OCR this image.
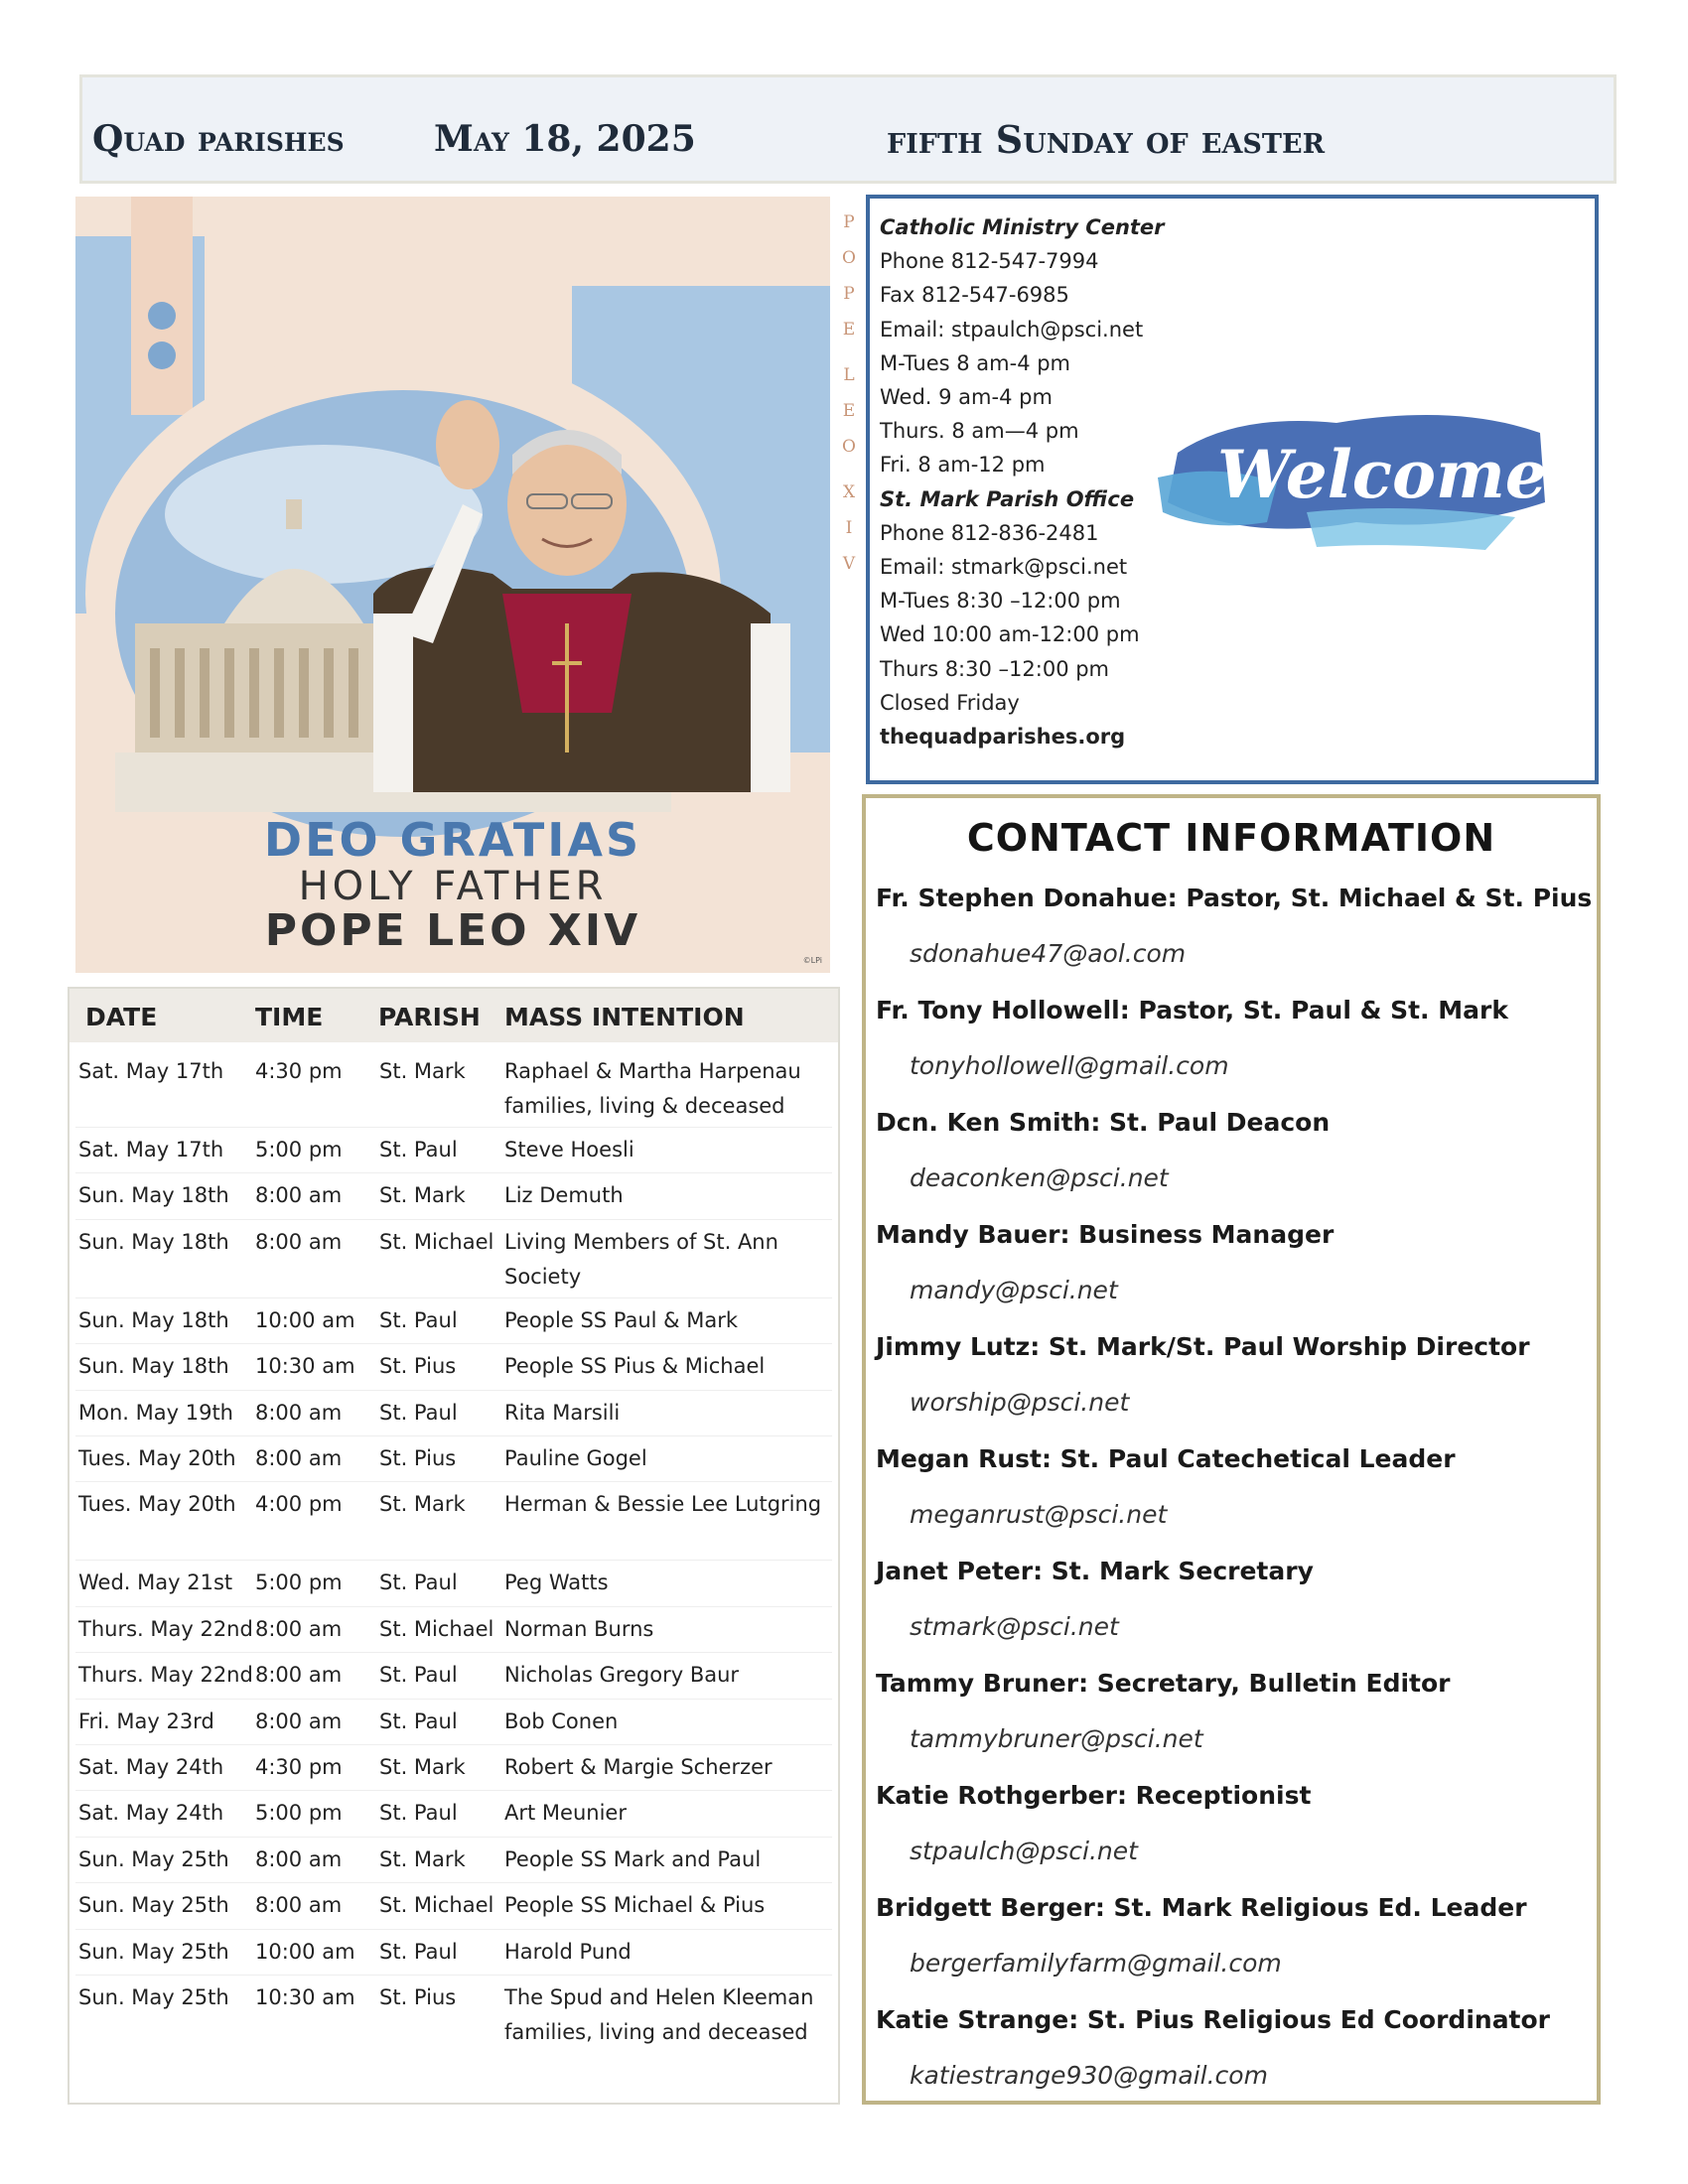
Quad parishes	May 18, 2025	fifth Sunday of easter
P
O
P
E
L
E
O
X
I
V
DEO GRATIAS
HOLY FATHER
POPE LEO XIV
©LPi
DATE	TIME PARISH MASS INTENTION
Sat. May 17th 4:30 pm St. Mark Raphael & Martha Harpenau families, living & deceased
Sat. May 17th 5:00 pm St. Paul Steve Hoesli
Sun. May 18th 8:00 am St. Mark Liz Demuth
Sun. May 18th 8:00 am St. Michael Living Members of St. Ann Society
Sun. May 18th 10:00 am St. Paul People SS Paul & Mark
Sun. May 18th 10:30 am St. Pius People SS Pius & Michael
Mon. May 19th 8:00 am St. Paul Rita Marsili
Tues. May 20th 8:00 am St. Pius Pauline Gogel
Tues. May 20th 4:00 pm St. Mark Herman & Bessie Lee Lutgring
Wed. May 21st 5:00 pm St. Paul Peg Watts
Thurs. May 22nd 8:00 am St. Michael Norman Burns
Thurs. May 22nd 8:00 am St. Paul Nicholas Gregory Baur
Fri. May 23rd 8:00 am St. Paul Bob Conen
Sat. May 24th 4:30 pm St. Mark Robert & Margie Scherzer
Sat. May 24th 5:00 pm St. Paul Art Meunier
Sun. May 25th 8:00 am St. Mark People SS Mark and Paul
Sun. May 25th 8:00 am St. Michael People SS Michael & Pius
Sun. May 25th 10:00 am St. Paul Harold Pund
Sun. May 25th 10:30 am St. Pius The Spud and Helen Kleeman families, living and deceased
Catholic Ministry Center
Phone 812-547-7994
Fax 812-547-6985
Email: stpaulch@psci.net
M-Tues 8 am-4 pm
Wed. 9 am-4 pm
Thurs. 8 am—4 pm
Fri. 8 am-12 pm
St. Mark Parish Office
Phone 812-836-2481
Email: stmark@psci.net
M-Tues 8:30 –12:00 pm
Wed 10:00 am-12:00 pm
Thurs 8:30 –12:00 pm
Closed Friday
thequadparishes.org
Welcome
CONTACT INFORMATION
Fr. Stephen Donahue: Pastor, St. Michael & St. Pius
sdonahue47@aol.com
Fr. Tony Hollowell: Pastor, St. Paul & St. Mark
tonyhollowell@gmail.com
Dcn. Ken Smith: St. Paul Deacon
deaconken@psci.net
Mandy Bauer: Business Manager
mandy@psci.net
Jimmy Lutz: St. Mark/St. Paul Worship Director
worship@psci.net
Megan Rust: St. Paul Catechetical Leader
meganrust@psci.net
Janet Peter: St. Mark Secretary
stmark@psci.net
Tammy Bruner: Secretary, Bulletin Editor
tammybruner@psci.net
Katie Rothgerber: Receptionist
stpaulch@psci.net
Bridgett Berger: St. Mark Religious Ed. Leader
bergerfamilyfarm@gmail.com
Katie Strange: St. Pius Religious Ed Coordinator
katiestrange930@gmail.com
